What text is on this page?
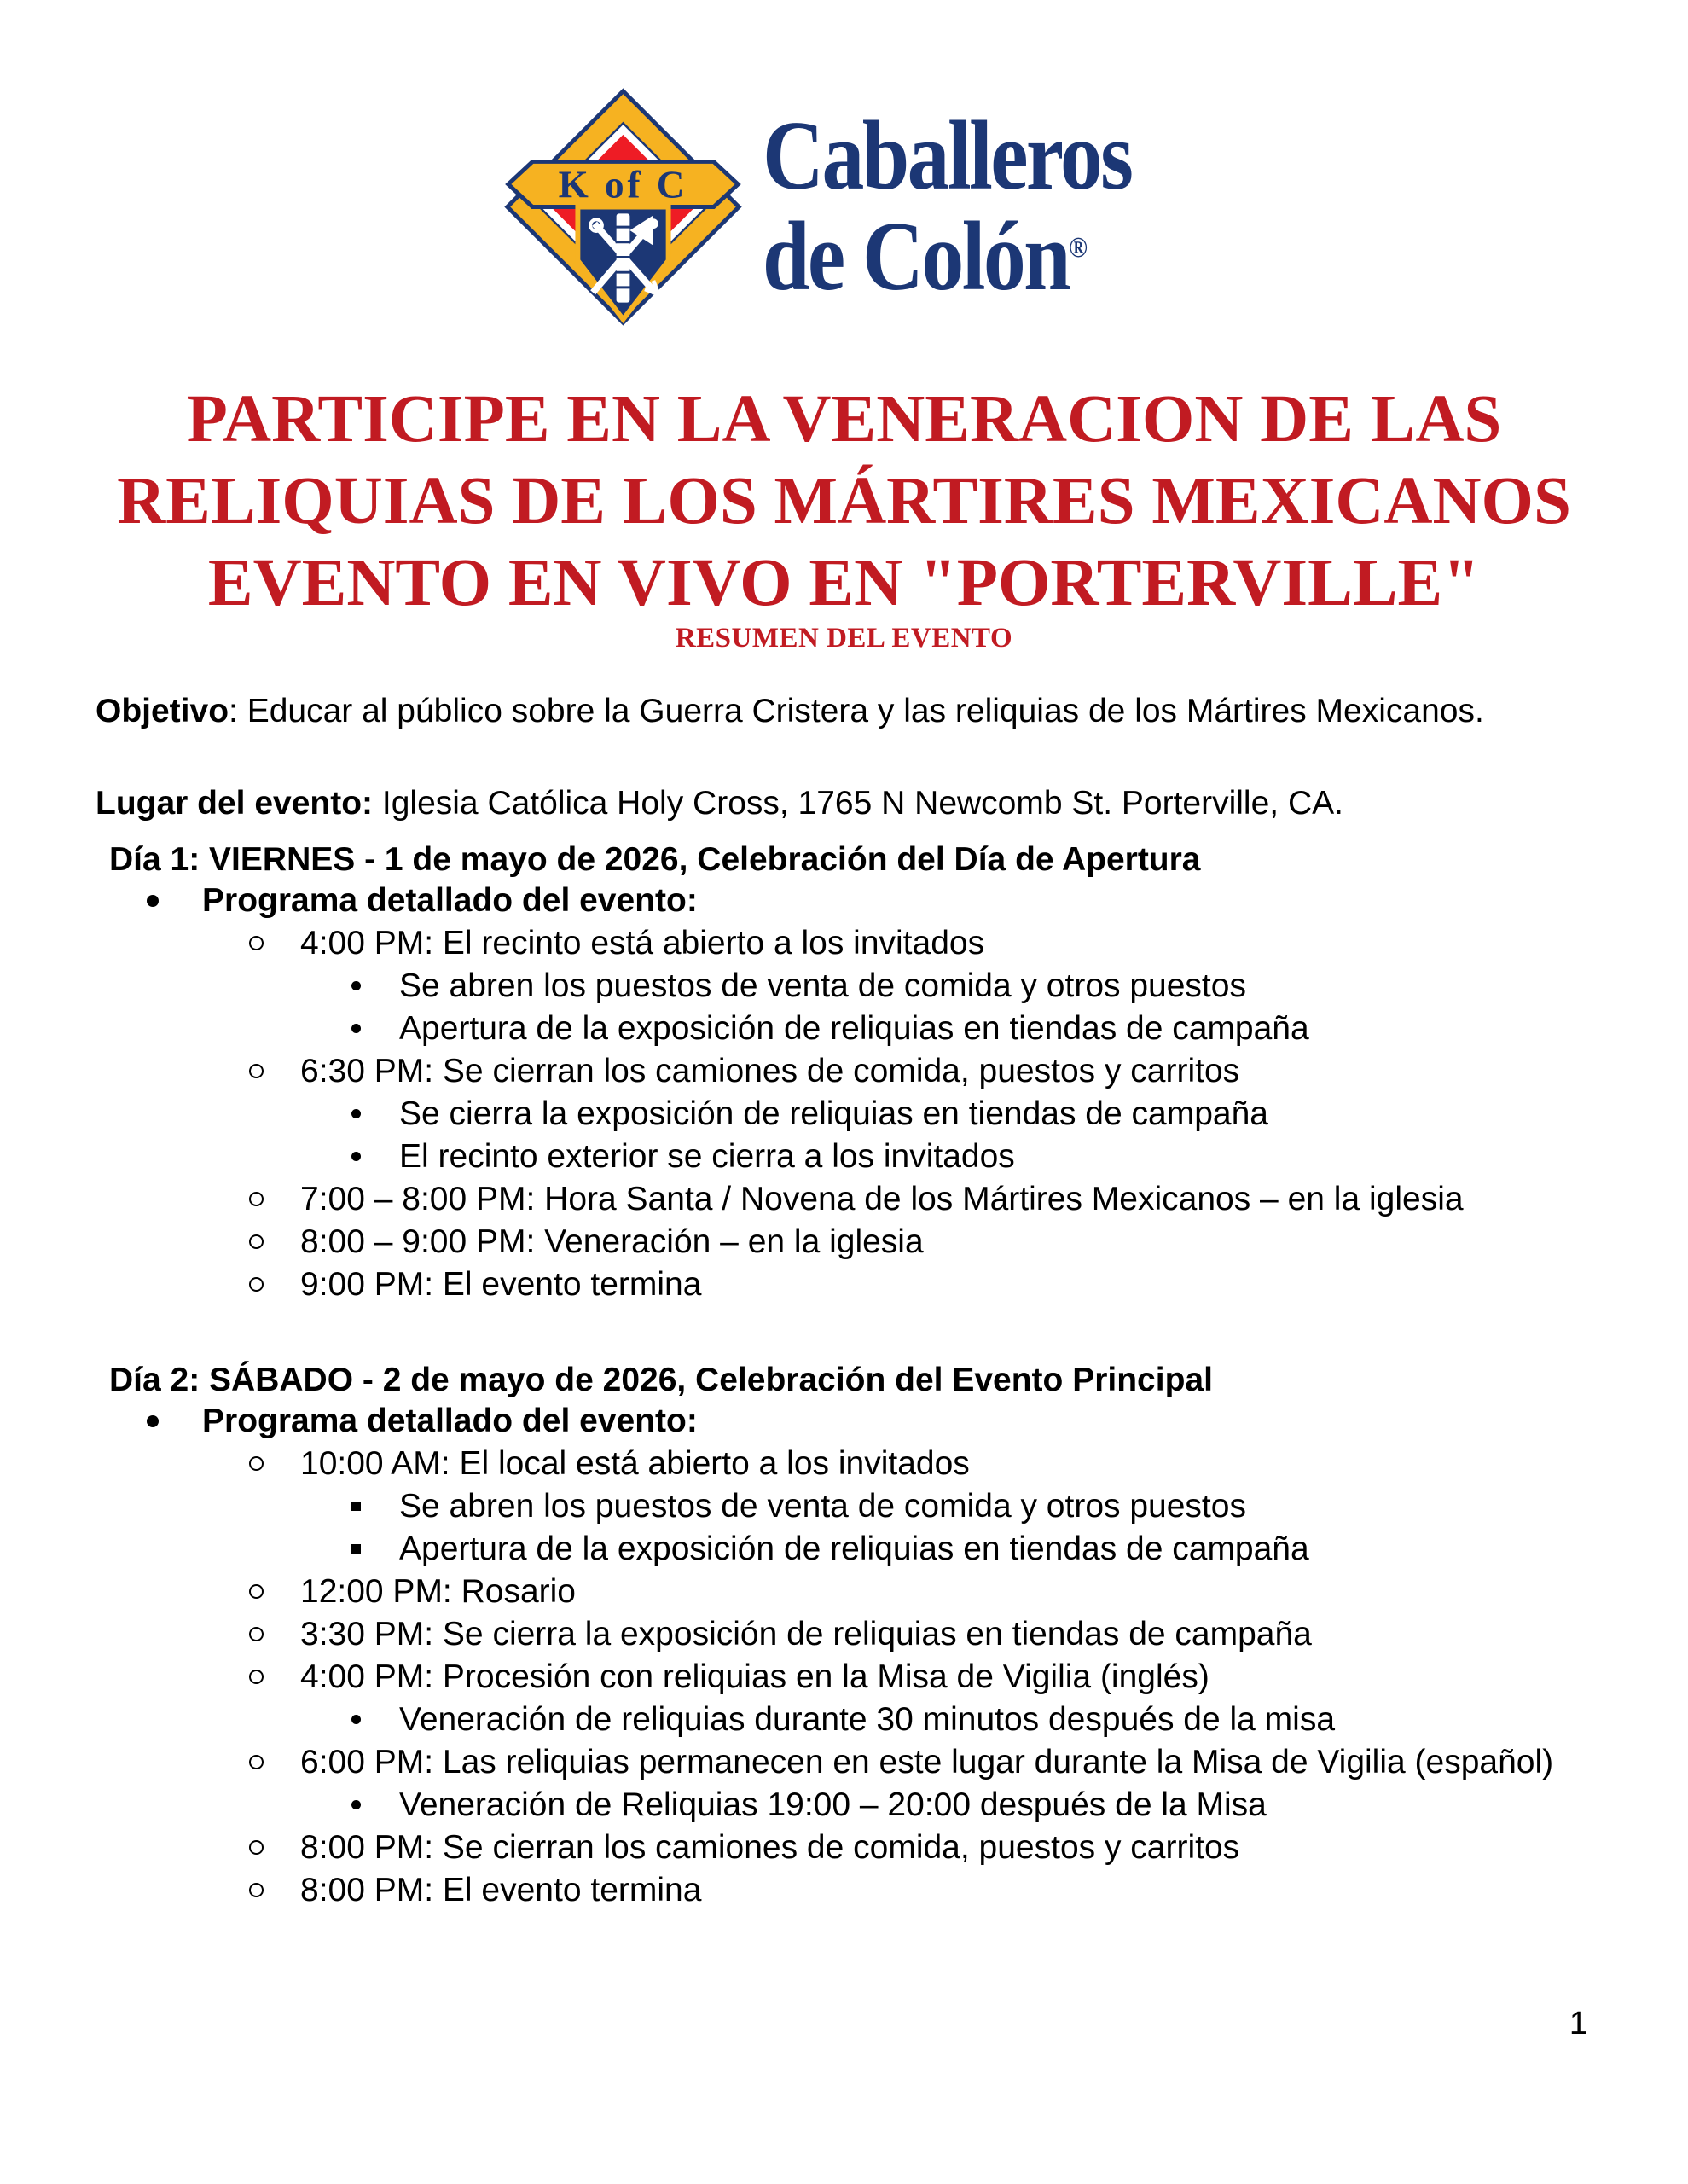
K of C Caballeros
de Colón®
PARTICIPE EN LA VENERACION DE LAS
RELIQUIAS DE LOS MÁRTIRES MEXICANOS
EVENTO EN VIVO EN "PORTERVILLE"
RESUMEN DEL EVENTO
Objetivo: Educar al público sobre la Guerra Cristera y las reliquias de los Mártires Mexicanos.
Lugar del evento: Iglesia Católica Holy Cross, 1765 N Newcomb St. Porterville, CA.
Día 1: VIERNES - 1 de mayo de 2026, Celebración del Día de Apertura
Programa detallado del evento:
4:00 PM: El recinto está abierto a los invitados
Se abren los puestos de venta de comida y otros puestos
Apertura de la exposición de reliquias en tiendas de campaña
6:30 PM: Se cierran los camiones de comida, puestos y carritos
Se cierra la exposición de reliquias en tiendas de campaña
El recinto exterior se cierra a los invitados
7:00 – 8:00 PM: Hora Santa / Novena de los Mártires Mexicanos – en la iglesia
8:00 – 9:00 PM: Veneración – en la iglesia
9:00 PM: El evento termina
Día 2: SÁBADO - 2 de mayo de 2026, Celebración del Evento Principal
Programa detallado del evento:
10:00 AM: El local está abierto a los invitados
Se abren los puestos de venta de comida y otros puestos
Apertura de la exposición de reliquias en tiendas de campaña
12:00 PM: Rosario
3:30 PM: Se cierra la exposición de reliquias en tiendas de campaña
4:00 PM: Procesión con reliquias en la Misa de Vigilia (inglés)
Veneración de reliquias durante 30 minutos después de la misa
6:00 PM: Las reliquias permanecen en este lugar durante la Misa de Vigilia (español)
Veneración de Reliquias 19:00 – 20:00 después de la Misa
8:00 PM: Se cierran los camiones de comida, puestos y carritos
8:00 PM: El evento termina
1
